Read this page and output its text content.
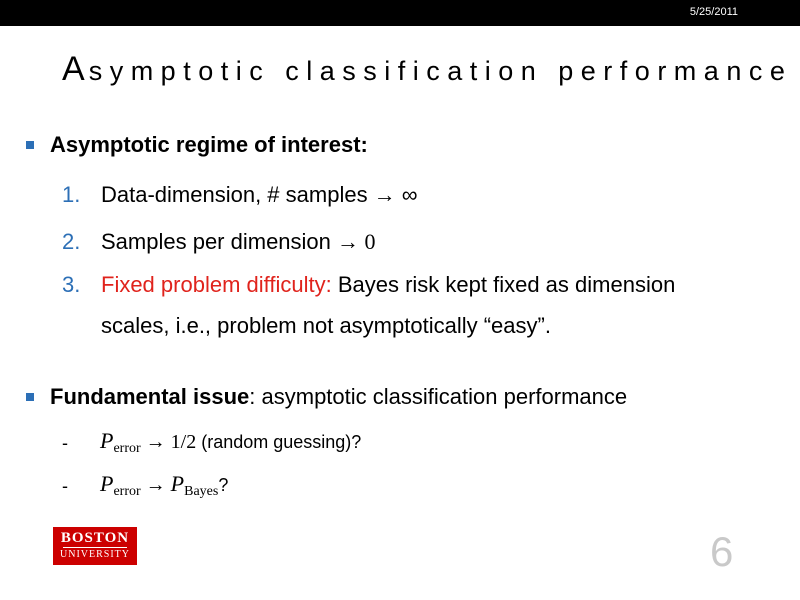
5/25/2011
Asymptotic classification performance
Asymptotic regime of interest:
1. Data-dimension, # samples → ∞
2. Samples per dimension → 0
3. Fixed problem difficulty: Bayes risk kept fixed as dimension
scales, i.e., problem not asymptotically “easy”.
Fundamental issue: asymptotic classification performance
- $P_{error} \to 1/2$ (random guessing)?
- $P_{error} \to P_{Bayes}$?
BOSTON
UNIVERSITY	6
